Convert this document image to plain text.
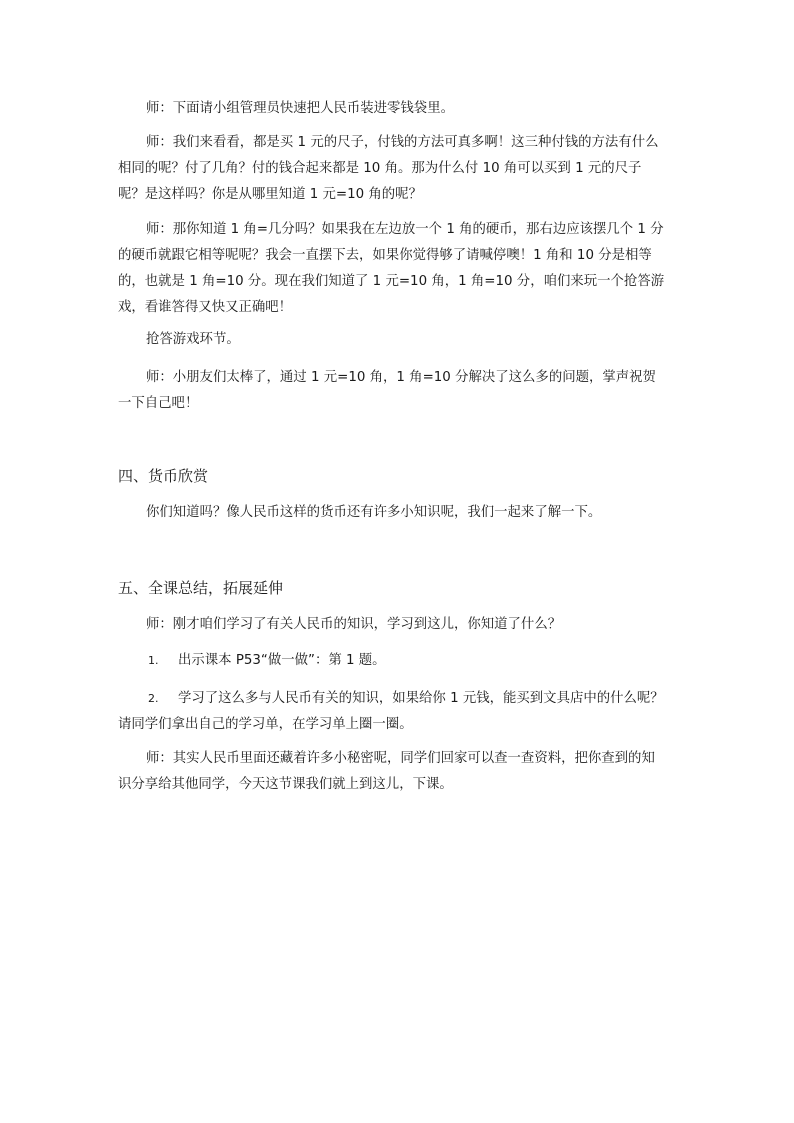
师：下面请小组管理员快速把人民币装进零钱袋里。

师：我们来看看，都是买 1 元的尺子，付钱的方法可真多啊！这三种付钱的方法有什么相同的呢？付了几角？付的钱合起来都是 10 角。那为什么付 10 角可以买到 1 元的尺子呢？是这样吗？你是从哪里知道 1 元=10 角的呢？

师：那你知道 1 角=几分吗？如果我在左边放一个 1 角的硬币，那右边应该摆几个 1 分的硬币就跟它相等呢呢？我会一直摆下去，如果你觉得够了请喊停噢！1 角和 10 分是相等的，也就是 1 角=10 分。现在我们知道了 1 元=10 角，1 角=10 分，咱们来玩一个抢答游戏，看谁答得又快又正确吧！

抢答游戏环节。

师：小朋友们太棒了，通过 1 元=10 角，1 角=10 分解决了这么多的问题，掌声祝贺一下自己吧！

四、货币欣赏

你们知道吗？像人民币这样的货币还有许多小知识呢，我们一起来了解一下。

五、全课总结，拓展延伸

师：刚才咱们学习了有关人民币的知识，学习到这儿，你知道了什么？

1. 出示课本 P53“做一做”：第 1 题。

2. 学习了这么多与人民币有关的知识，如果给你 1 元钱，能买到文具店中的什么呢？请同学们拿出自己的学习单，在学习单上圈一圈。

师：其实人民币里面还藏着许多小秘密呢，同学们回家可以查一查资料，把你查到的知识分享给其他同学，今天这节课我们就上到这儿，下课。
